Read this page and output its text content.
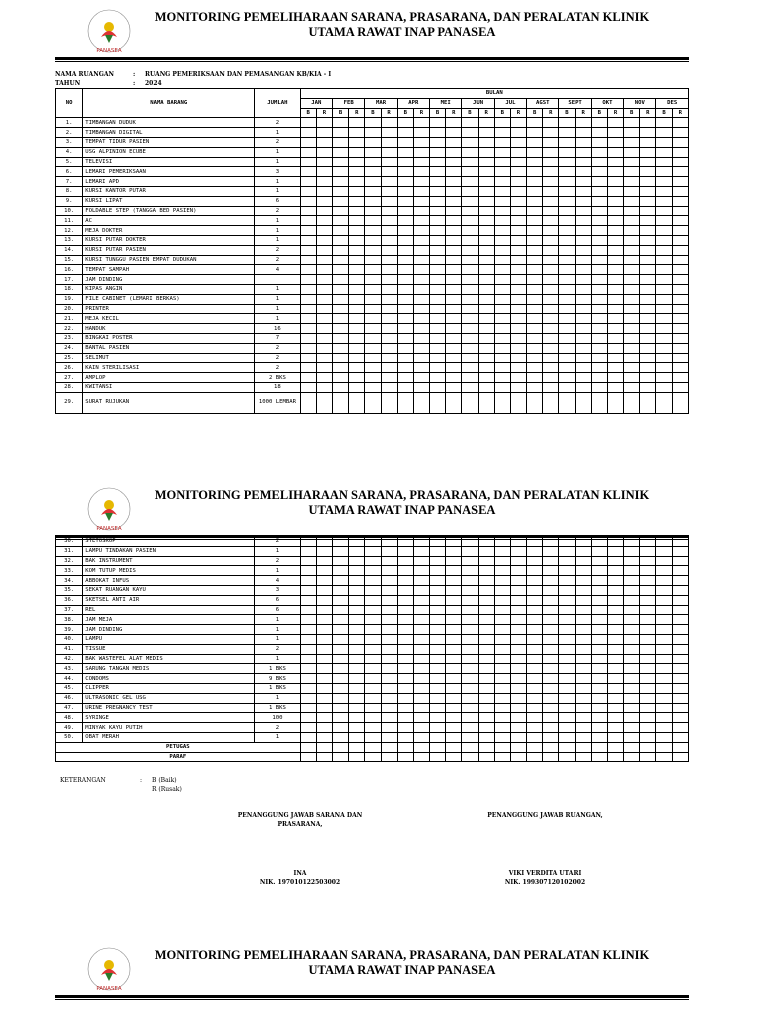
PANASEA
MONITORING PEMELIHARAAN SARANA, PRASARANA, DAN PERALATAN KLINIK
UTAMA RAWAT INAP PANASEA
NAMA RUANGAN	: RUANG PEMERIKSAAN DAN PEMASANGAN KB/KIA - I
TAHUN	: 2024
NO	NAMA BARANG	JUMLAH	BULAN																							
			JAN		FEB		MAR		APR		MEI		JUN		JUL		AGST		SEPT		OKT		NOV		DES	
			B	R	B	R	B	R	B	R	B	R	B	R	B	R	B	R	B	R	B	R	B	R	B	R
1.	TIMBANGAN DUDUK	2																								
2.	TIMBANGAN DIGITAL	1																								
3.	TEMPAT TIDUR PASIEN	2																								
4.	USG ALPINION ECUBE	1																								
5.	TELEVISI	1																								
6.	LEMARI PEMERIKSAAN	3																								
7.	LEMARI APD	1																								
8.	KURSI KANTOR PUTAR	1																								
9.	KURSI LIPAT	6																								
10.	FOLDABLE STEP (TANGGA BED PASIEN)	2																								
11.	AC	1																								
12.	MEJA DOKTER	1																								
13.	KURSI PUTAR DOKTER	1																								
14.	KURSI PUTAR PASIEN	2																								
15.	KURSI TUNGGU PASIEN EMPAT DUDUKAN	2																								
16.	TEMPAT SAMPAH	4																								
17.	JAM DINDING																									
18.	KIPAS ANGIN	1																								
19.	FILE CABINET (LEMARI BERKAS)	1																								
20.	PRINTER	1																								
21.	MEJA KECIL	1																								
22.	HANDUK	16																								
23.	BINGKAI POSTER	7																								
24.	BANTAL PASIEN	2																								
25.	SELIMUT	2																								
26.	KAIN STERILISASI	2																								
27.	AMPLOP	2 BKS																								
28.	KWITANSI	18																								
29.	SURAT RUJUKAN	1000 LEMBAR																								
PANASEA
MONITORING PEMELIHARAAN SARANA, PRASARANA, DAN PERALATAN KLINIK
UTAMA RAWAT INAP PANASEA
30.	STETOSKOP	2																								
31.	LAMPU TINDAKAN PASIEN	1																								
32.	BAK INSTRUMENT	2																								
33.	KOM TUTUP MEDIS	1																								
34.	ABBOKAT INFUS	4																								
35.	SEKAT RUANGAN KAYU	3																								
36.	SKETSEL ANTI AIR	6																								
37.	REL	6																								
38.	JAM MEJA	1																								
39.	JAM DINDING	1																								
40.	LAMPU	1																								
41.	TISSUE	2																								
42.	BAK WASTEFEL ALAT MEDIS	1																								
43.	SARUNG TANGAN MEDIS	1 BKS																								
44.	CONDOMS	9 BKS																								
45.	CLIPPER	1 BKS																								
46.	ULTRASONIC GEL USG	1																								
47.	URINE PREGNANCY TEST	1 BKS																								
48.	SYRINGE	100																								
49.	MINYAK KAYU PUTIH	2																								
50.	OBAT MERAH	1																								
PETUGAS																										
PARAF																										
KETERANGAN	: B (Baik)
R (Rusak)
PENANGGUNG JAWAB SARANA DAN PRASARANA,
INA
NIK. 197010122503002
PENANGGUNG JAWAB RUANGAN,
VIKI VERDITA UTARI
NIK. 199307120102002
PANASEA
MONITORING PEMELIHARAAN SARANA, PRASARANA, DAN PERALATAN KLINIK
UTAMA RAWAT INAP PANASEA
